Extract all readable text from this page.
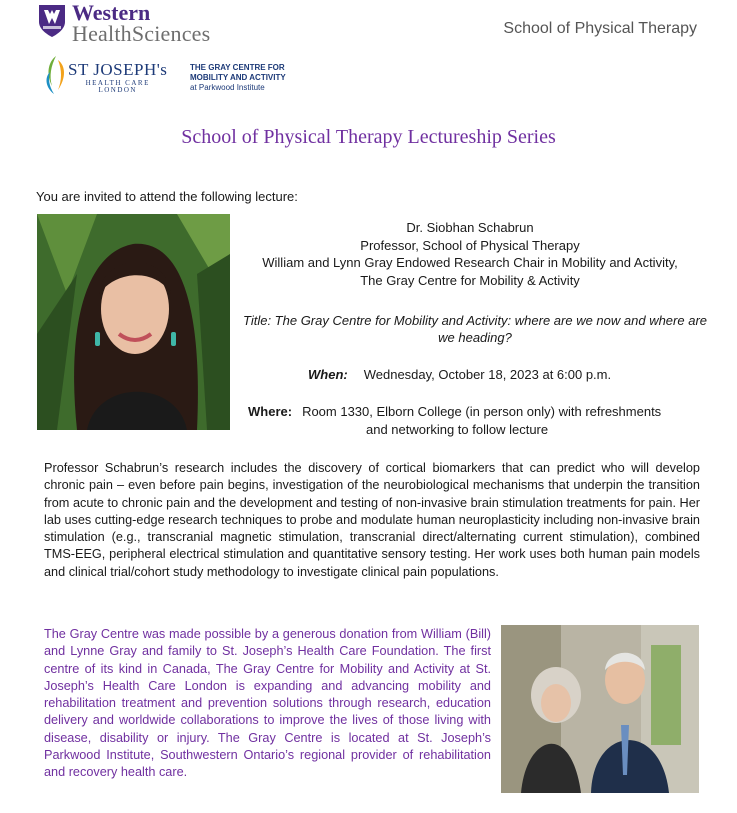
Western
HealthSciences	School of Physical Therapy
ST JOSEPH's
HEALTH CARE
LONDON
THE GRAY CENTRE FOR
MOBILITY AND ACTIVITY
at Parkwood Institute
School of Physical Therapy Lectureship Series
You are invited to attend the following lecture:
Dr. Siobhan Schabrun
Professor, School of Physical Therapy
William and Lynn Gray Endowed Research Chair in Mobility and Activity,
The Gray Centre for Mobility & Activity
Title: The Gray Centre for Mobility and Activity: where are we now and where are we heading?
When: Wednesday, October 18, 2023 at 6:00 p.m.
Where: Room 1330, Elborn College (in person only) with refreshments
and networking to follow lecture
Professor Schabrun’s research includes the discovery of cortical biomarkers that can predict who will develop chronic pain – even before pain begins, investigation of the neurobiological mechanisms that underpin the transition from acute to chronic pain and the development and testing of non-invasive brain stimulation treatments for pain. Her lab uses cutting-edge research techniques to probe and modulate human neuroplasticity including non-invasive brain stimulation (e.g., transcranial magnetic stimulation, transcranial direct/alternating current stimulation), combined TMS-EEG, peripheral electrical stimulation and quantitative sensory testing. Her work uses both human pain models and clinical trial/cohort study methodology to investigate clinical pain populations.
The Gray Centre was made possible by a generous donation from William (Bill) and Lynne Gray and family to St. Joseph’s Health Care Foundation. The first centre of its kind in Canada, The Gray Centre for Mobility and Activity at St. Joseph’s Health Care London is expanding and advancing mobility and rehabilitation treatment and prevention solutions through research, education delivery and worldwide collaborations to improve the lives of those living with disease, disability or injury. The Gray Centre is located at St. Joseph’s Parkwood Institute, Southwestern Ontario’s regional provider of rehabilitation and recovery health care.
